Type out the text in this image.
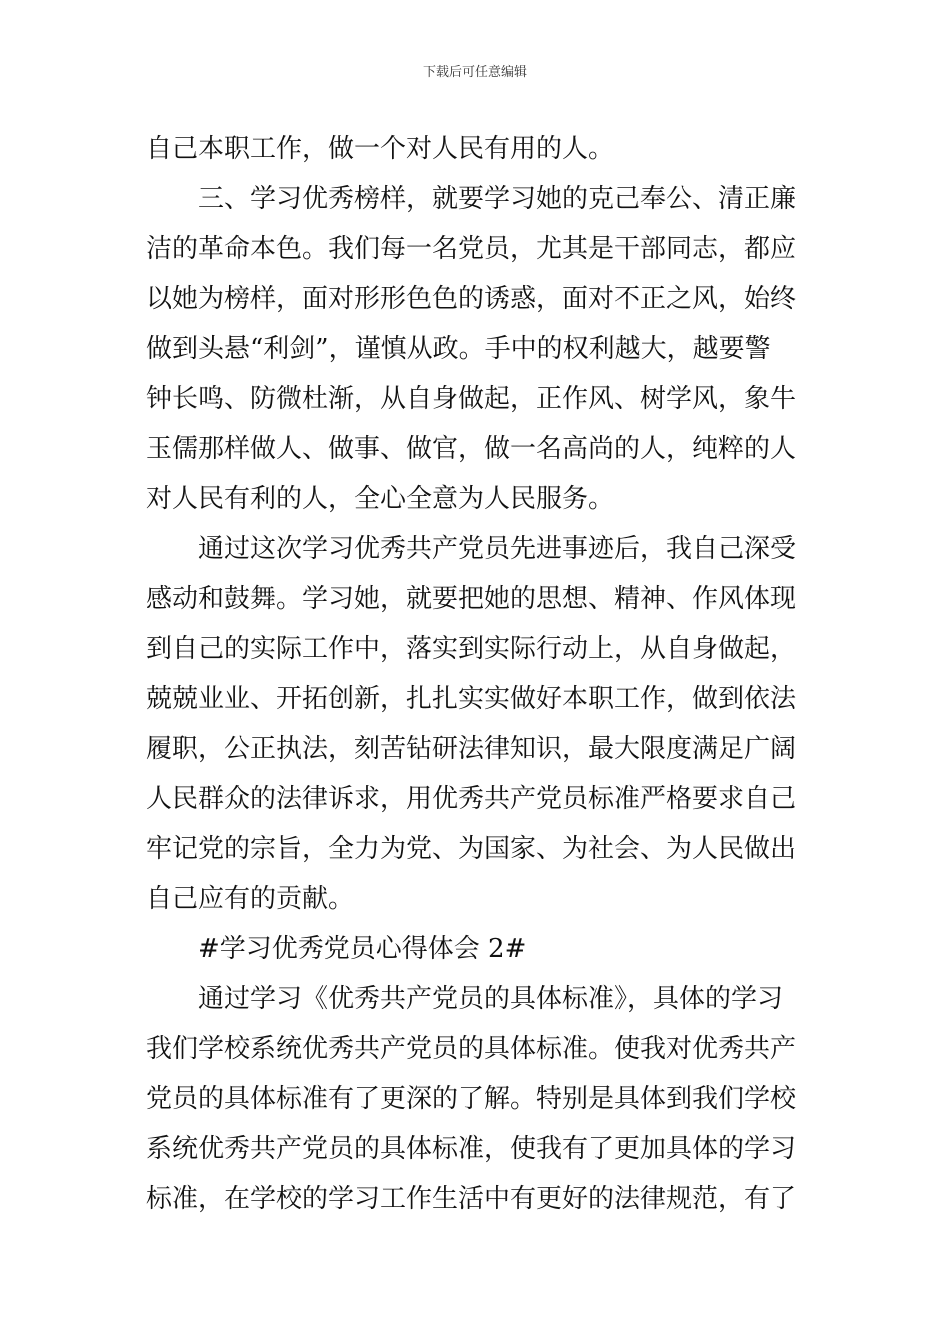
下载后可任意编辑
自己本职工作，做一个对人民有用的人。
　　三、学习优秀榜样，就要学习她的克己奉公、清正廉
洁的革命本色。我们每一名党员，尤其是干部同志，都应
以她为榜样，面对形形色色的诱惑，面对不正之风，始终
做到头悬“利剑”，谨慎从政。手中的权利越大，越要警
钟长鸣、防微杜渐，从自身做起，正作风、树学风，象牛
玉儒那样做人、做事、做官，做一名高尚的人，纯粹的人
对人民有利的人，全心全意为人民服务。
　　通过这次学习优秀共产党员先进事迹后，我自己深受
感动和鼓舞。学习她，就要把她的思想、精神、作风体现
到自己的实际工作中，落实到实际行动上，从自身做起，
兢兢业业、开拓创新，扎扎实实做好本职工作，做到依法
履职，公正执法，刻苦钻研法律知识，最大限度满足广阔
人民群众的法律诉求，用优秀共产党员标准严格要求自己
牢记党的宗旨，全力为党、为国家、为社会、为人民做出
自己应有的贡献。
　　#学习优秀党员心得体会 2#
　　通过学习《优秀共产党员的具体标准》，具体的学习
我们学校系统优秀共产党员的具体标准。使我对优秀共产
党员的具体标准有了更深的了解。特别是具体到我们学校
系统优秀共产党员的具体标准，使我有了更加具体的学习
标准，在学校的学习工作生活中有更好的法律规范，有了
